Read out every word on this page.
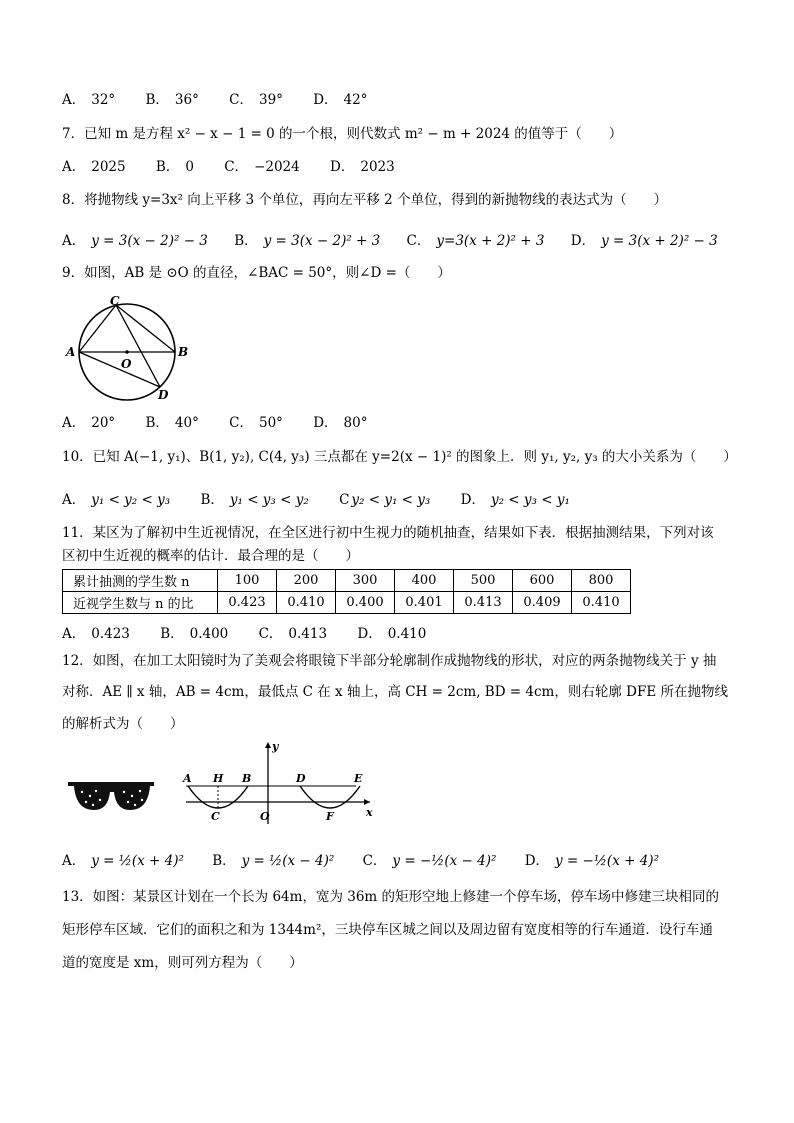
A． 32° B． 36° C． 39° D． 42°
7．已知 m 是方程 x² − x − 1 = 0 的一个根，则代数式 m² − m + 2024 的值等于（　　）
A． 2025 B． 0 C． −2024 D． 2023
8．将抛物线 y=3x² 向上平移 3 个单位，再向左平移 2 个单位，得到的新抛物线的表达式为（　　）
A． y = 3(x − 2)² − 3 B． y = 3(x − 2)² + 3 C． y=3(x + 2)² + 3 D． y = 3(x + 2)² − 3
9．如图，AB 是 ⊙O 的直径，∠BAC = 50°，则∠D =（　　）
A	B
C
D
O
A． 20° B． 40° C． 50° D． 80°
10．已知 A(−1, y₁)、B(1, y₂), C(4, y₃) 三点都在 y=2(x − 1)² 的图象上．则 y₁, y₂, y₃ 的大小关系为（　　）
A． y₁ < y₂ < y₃ B． y₁ < y₃ < y₂ C y₂ < y₁ < y₃ D． y₂ < y₃ < y₁
11．某区为了解初中生近视情况，在全区进行初中生视力的随机抽查，结果如下表．根据抽测结果，下列对该
区初中生近视的概率的估计．最合理的是（　　）
累计抽测的学生数 n	100	200	300	400	500	600	800
近视学生数与 n 的比	0.423	0.410	0.400	0.401	0.413	0.409	0.410
A． 0.423 B． 0.400 C． 0.413 D． 0.410
12．如图，在加工太阳镜时为了美观会将眼镜下半部分轮廓制作成抛物线的形状，对应的两条抛物线关于 y 抽
对称．AE ∥ x 轴，AB = 4cm，最低点 C 在 x 轴上，高 CH = 2cm, BD = 4cm，则右轮廓 DFE 所在抛物线
的解析式为（　　）
y
x
A H B	D	E
C	O	F
A． y = ½(x + 4)² B． y = ½(x − 4)² C． y = −½(x − 4)² D． y = −½(x + 4)²
13．如图：某景区计划在一个长为 64m，宽为 36m 的矩形空地上修建一个停车场，停车场中修建三块相同的
矩形停车区域．它们的面积之和为 1344m²，三块停车区城之间以及周边留有宽度相等的行车通道．设行车通
道的宽度是 xm，则可列方程为（　　）
